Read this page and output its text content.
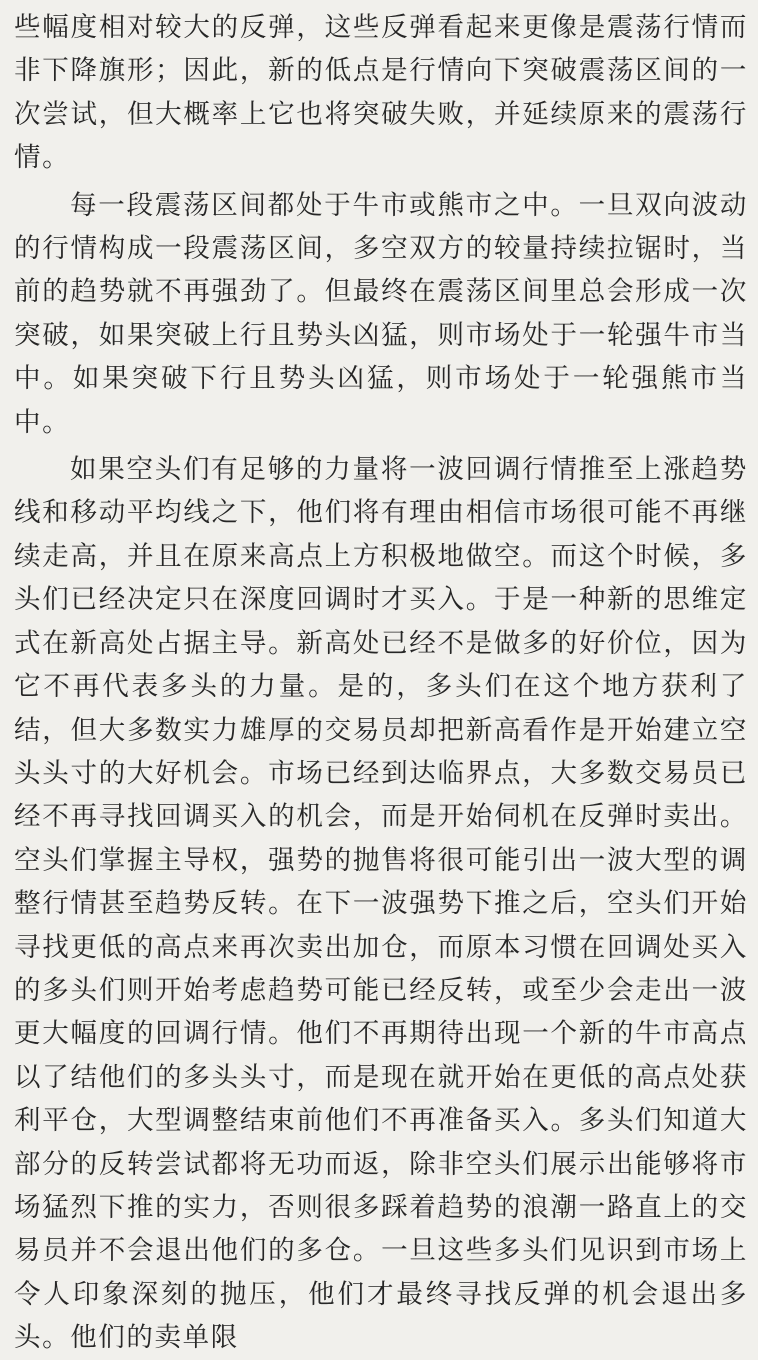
些幅度相对较大的反弹，这些反弹看起来更像是震荡行情而非下降旗形；因此，新的低点是行情向下突破震荡区间的一次尝试，但大概率上它也将突破失败，并延续原来的震荡行情。

每一段震荡区间都处于牛市或熊市之中。一旦双向波动的行情构成一段震荡区间，多空双方的较量持续拉锯时，当前的趋势就不再强劲了。但最终在震荡区间里总会形成一次突破，如果突破上行且势头凶猛，则市场处于一轮强牛市当中。如果突破下行且势头凶猛，则市场处于一轮强熊市当中。

如果空头们有足够的力量将一波回调行情推至上涨趋势线和移动平均线之下，他们将有理由相信市场很可能不再继续走高，并且在原来高点上方积极地做空。而这个时候，多头们已经决定只在深度回调时才买入。于是一种新的思维定式在新高处占据主导。新高处已经不是做多的好价位，因为它不再代表多头的力量。是的，多头们在这个地方获利了结，但大多数实力雄厚的交易员却把新高看作是开始建立空头头寸的大好机会。市场已经到达临界点，大多数交易员已经不再寻找回调买入的机会，而是开始伺机在反弹时卖出。空头们掌握主导权，强势的抛售将很可能引出一波大型的调整行情甚至趋势反转。在下一波强势下推之后，空头们开始寻找更低的高点来再次卖出加仓，而原本习惯在回调处买入的多头们则开始考虑趋势可能已经反转，或至少会走出一波更大幅度的回调行情。他们不再期待出现一个新的牛市高点以了结他们的多头头寸，而是现在就开始在更低的高点处获利平仓，大型调整结束前他们不再准备买入。多头们知道大部分的反转尝试都将无功而返，除非空头们展示出能够将市场猛烈下推的实力，否则很多踩着趋势的浪潮一路直上的交易员并不会退出他们的多仓。一旦这些多头们见识到市场上令人印象深刻的抛压，他们才最终寻找反弹的机会退出多头。他们的卖单限
